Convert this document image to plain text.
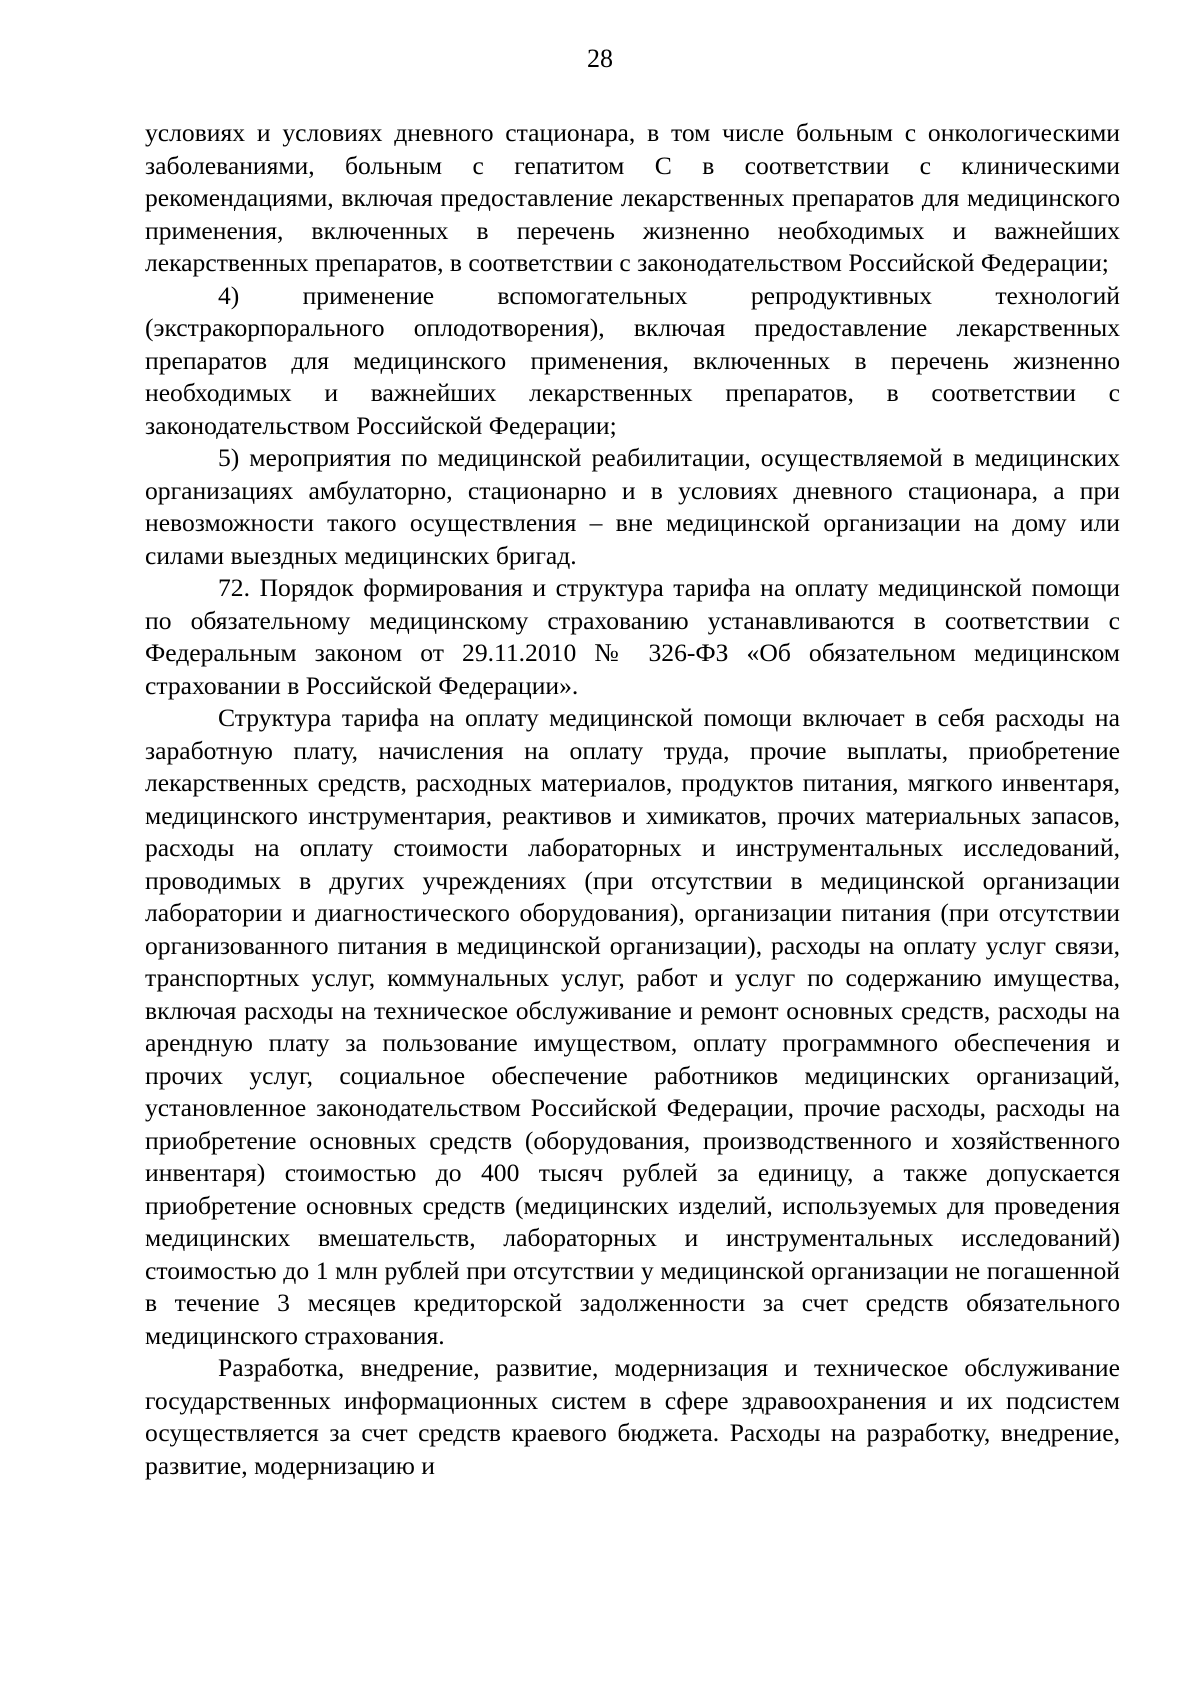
28

условиях и условиях дневного стационара, в том числе больным с онкологическими заболеваниями, больным с гепатитом С в соответствии с клиническими рекомендациями, включая предоставление лекарственных препаратов для медицинского применения, включенных в перечень жизненно необходимых и важнейших лекарственных препаратов, в соответствии с законодательством Российской Федерации;

4) применение вспомогательных репродуктивных технологий (экстракорпорального оплодотворения), включая предоставление лекарственных препаратов для медицинского применения, включенных в перечень жизненно необходимых и важнейших лекарственных препаратов, в соответствии с законодательством Российской Федерации;

5) мероприятия по медицинской реабилитации, осуществляемой в медицинских организациях амбулаторно, стационарно и в условиях дневного стационара, а при невозможности такого осуществления – вне медицинской организации на дому или силами выездных медицинских бригад.

72. Порядок формирования и структура тарифа на оплату медицинской помощи по обязательному медицинскому страхованию устанавливаются в соответствии с Федеральным законом от 29.11.2010 № 326-ФЗ «Об обязательном медицинском страховании в Российской Федерации».

Структура тарифа на оплату медицинской помощи включает в себя расходы на заработную плату, начисления на оплату труда, прочие выплаты, приобретение лекарственных средств, расходных материалов, продуктов питания, мягкого инвентаря, медицинского инструментария, реактивов и химикатов, прочих материальных запасов, расходы на оплату стоимости лабораторных и инструментальных исследований, проводимых в других учреждениях (при отсутствии в медицинской организации лаборатории и диагностического оборудования), организации питания (при отсутствии организованного питания в медицинской организации), расходы на оплату услуг связи, транспортных услуг, коммунальных услуг, работ и услуг по содержанию имущества, включая расходы на техническое обслуживание и ремонт основных средств, расходы на арендную плату за пользование имуществом, оплату программного обеспечения и прочих услуг, социальное обеспечение работников медицинских организаций, установленное законодательством Российской Федерации, прочие расходы, расходы на приобретение основных средств (оборудования, производственного и хозяйственного инвентаря) стоимостью до 400 тысяч рублей за единицу, а также допускается приобретение основных средств (медицинских изделий, используемых для проведения медицинских вмешательств, лабораторных и инструментальных исследований) стоимостью до 1 млн рублей при отсутствии у медицинской организации не погашенной в течение 3 месяцев кредиторской задолженности за счет средств обязательного медицинского страхования.

Разработка, внедрение, развитие, модернизация и техническое обслуживание государственных информационных систем в сфере здравоохранения и их подсистем осуществляется за счет средств краевого бюджета. Расходы на разработку, внедрение, развитие, модернизацию и
